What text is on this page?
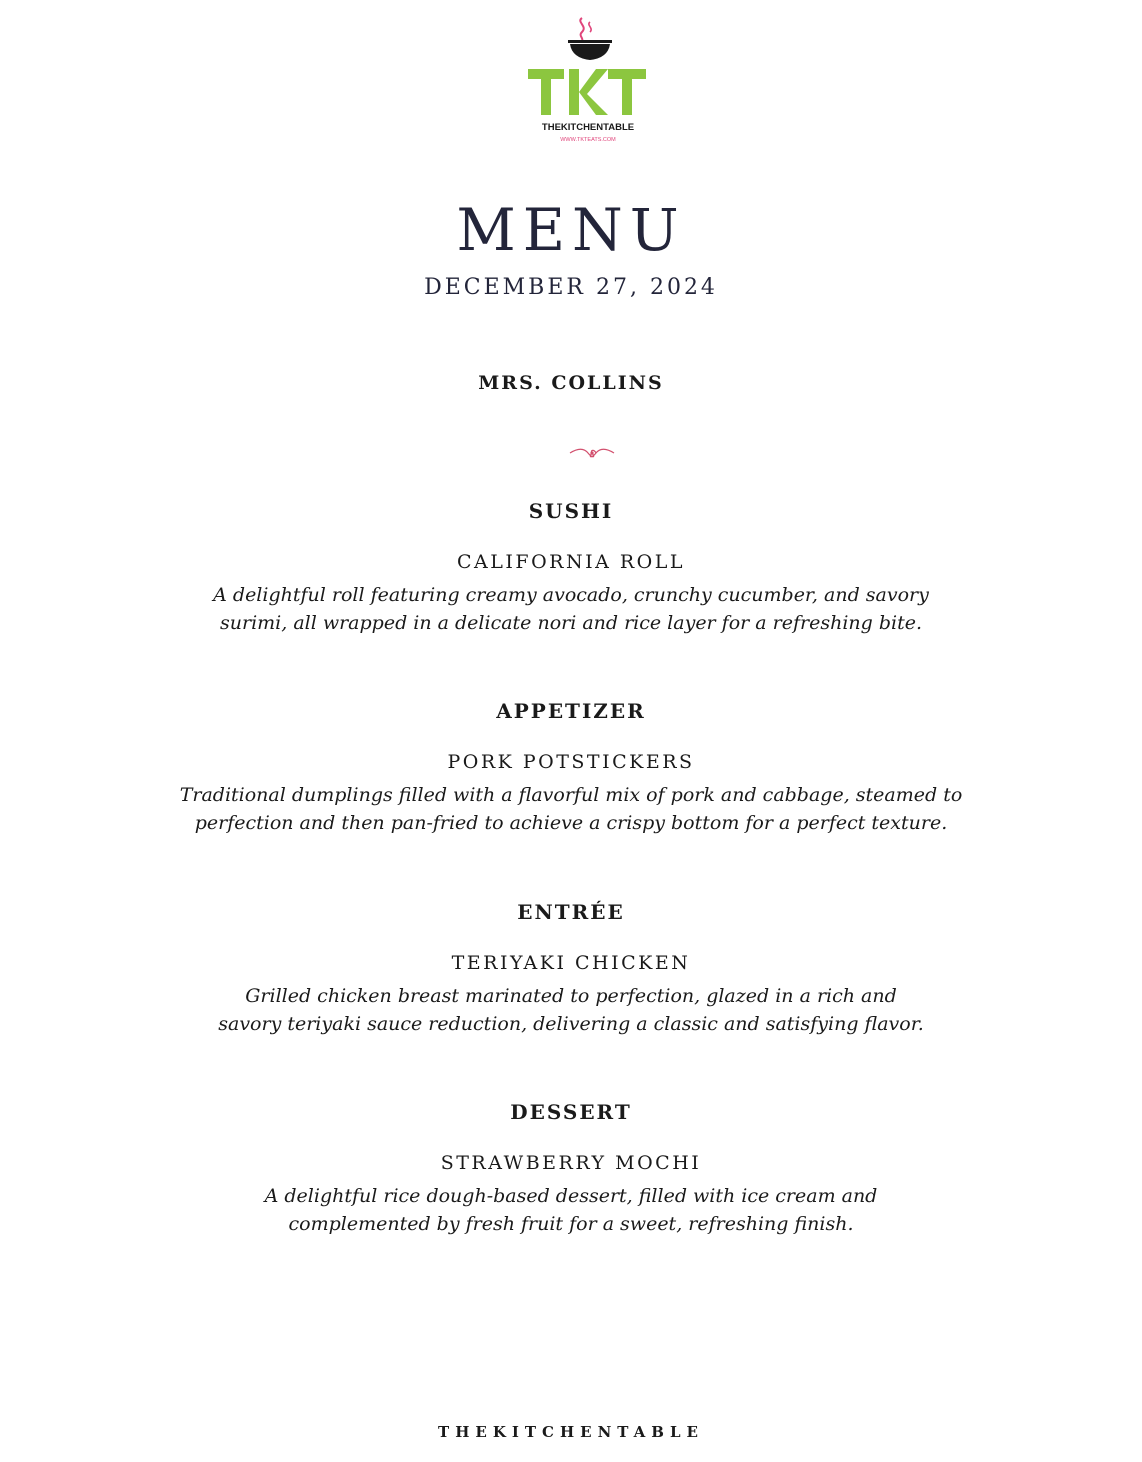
THEKITCHENTABLE
WWW.TKTEATS.COM
MENU
DECEMBER 27, 2024
MRS. COLLINS
SUSHI
CALIFORNIA ROLL
A delightful roll featuring creamy avocado, crunchy cucumber, and savory
surimi, all wrapped in a delicate nori and rice layer for a refreshing bite.
APPETIZER
PORK POTSTICKERS
Traditional dumplings filled with a flavorful mix of pork and cabbage, steamed to
perfection and then pan-fried to achieve a crispy bottom for a perfect texture.
ENTRÉE
TERIYAKI CHICKEN
Grilled chicken breast marinated to perfection, glazed in a rich and
savory teriyaki sauce reduction, delivering a classic and satisfying flavor.
DESSERT
STRAWBERRY MOCHI
A delightful rice dough-based dessert, filled with ice cream and
complemented by fresh fruit for a sweet, refreshing finish.
THEKITCHENTABLE
